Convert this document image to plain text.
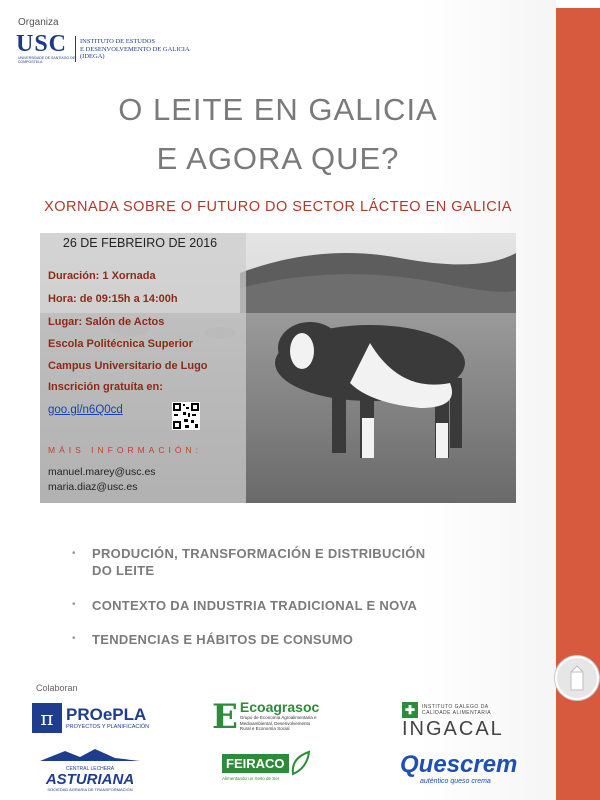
Organiza
USC
UNIVERSIDADE DE SANTIAGO DE COMPOSTELA
INSTITUTO DE ESTUDOS
E DESENVOLVEMENTO DE GALICIA
(IDEGA)
O LEITE EN GALICIA
E AGORA QUE?
XORNADA SOBRE O FUTURO DO SECTOR LÁCTEO EN GALICIA
26 DE FEBREIRO DE 2016
Duración: 1 Xornada
Hora: de 09:15h a 14:00h
Lugar: Salón de Actos
Escola Politécnica Superior
Campus Universitario de Lugo
Inscrición gratuíta en:
goo.gl/n6Q0cd
MÁIS INFORMACIÓN:
manuel.marey@usc.es
maria.diaz@usc.es
• PRODUCIÓN, TRANSFORMACIÓN E DISTRIBUCIÓN
DO LEITE
• CONTEXTO DA INDUSTRIA TRADICIONAL E NOVA
• TENDENCIAS E HÁBITOS DE CONSUMO
Colaboran
π PROePLA
PROYECTOS Y PLANIFICACIÓN
CENTRAL LECHERA
ASTURIANA
SOCIEDAD AGRARIA DE TRANSFORMACIÓN
E Ecoagrasoc
Grupo de Economía Agroalimentaria e Medioambiental, Desenvolvemento Rural e Economía Social
FEIRACO
Alimentando un Xeito de Ser
✚	INSTITUTO GALEGO DA CALIDADE ALIMENTARIA
INGACAL
Quescrem
auténtico queso crema
